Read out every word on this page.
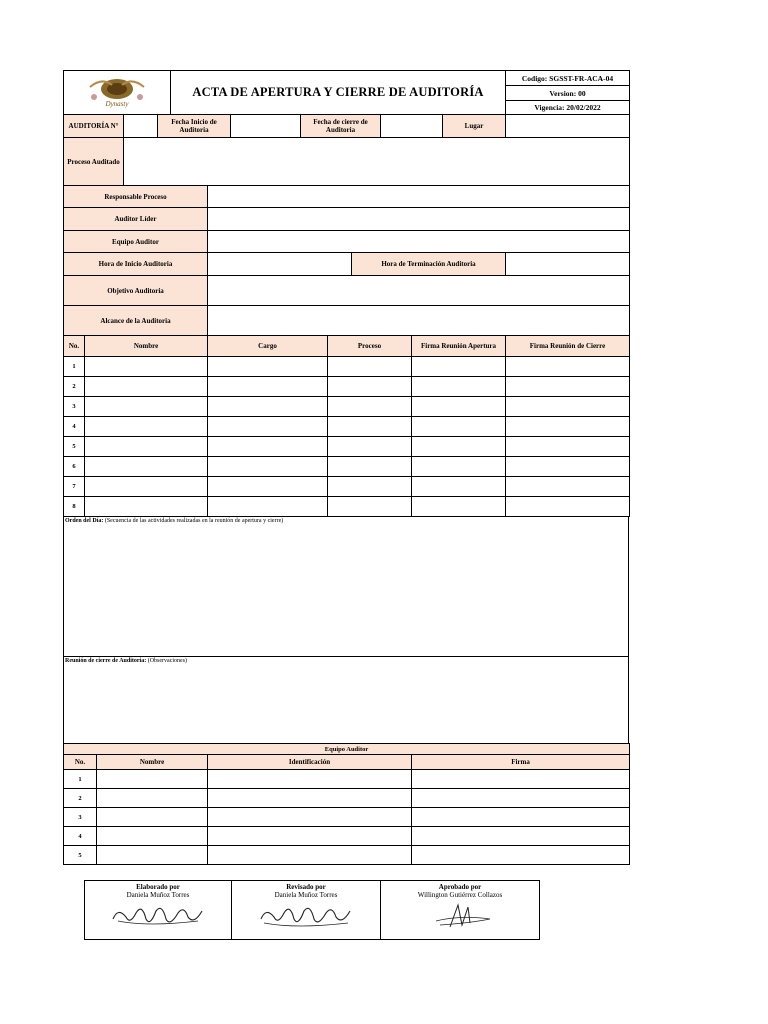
Dynasty
	ACTA DE APERTURA Y CIERRE DE AUDITORÍA	Codigo: SGSST-FR-ACA-04
Version: 00
Vigencia: 20/02/2022
AUDITORÍA N°		Fecha Inicio de Auditoria		Fecha de cierre de Auditoria		Lugar	
Proceso Auditado							
Responsable Proceso			
Auditor Líder			
Equipo Auditor			
Hora de Inicio Auditoria		Hora de Terminación Auditoria	
Objetivo Auditoria			
Alcance de la Auditoria			
No.	Nombre	Cargo	Proceso	Firma Reunión Apertura	Firma Reunión de Cierre
1					
2					
3					
4					
5					
6					
7					
8					
Orden del Día: (Secuencia de las actividades realizadas en la reunión de apertura y cierre)
Reunión de cierre de Auditoria: (Observaciones)
Equipo Auditor			
No.	Nombre	Identificación	Firma
1			
2			
3			
4			
5			
Elaborado por
Daniela Muñoz Torres

Revisado por
Daniela Muñoz Torres

Aprobado por
Willington Gutiérrez Collazos
